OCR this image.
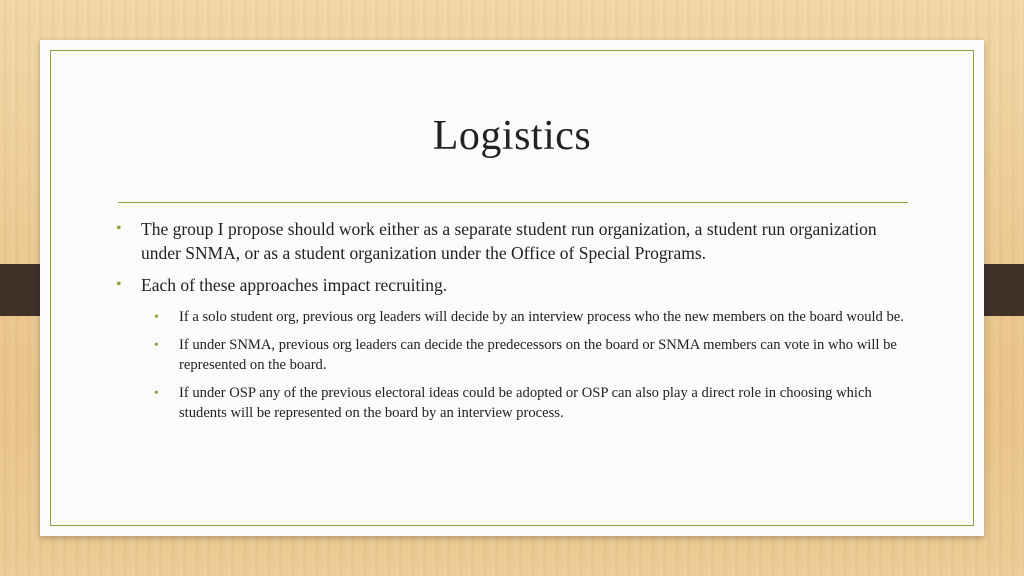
Logistics
• The group I propose should work either as a separate student run organization, a student run organization under SNMA, or as a student organization under the Office of Special Programs.
• Each of these approaches impact recruiting.
• If a solo student org, previous org leaders will decide by an interview process who the new members on the board would be.
• If under SNMA, previous org leaders can decide the predecessors on the board or SNMA members can vote in who will be represented on the board.
• If under OSP any of the previous electoral ideas could be adopted or OSP can also play a direct role in choosing which students will be represented on the board by an interview process.
